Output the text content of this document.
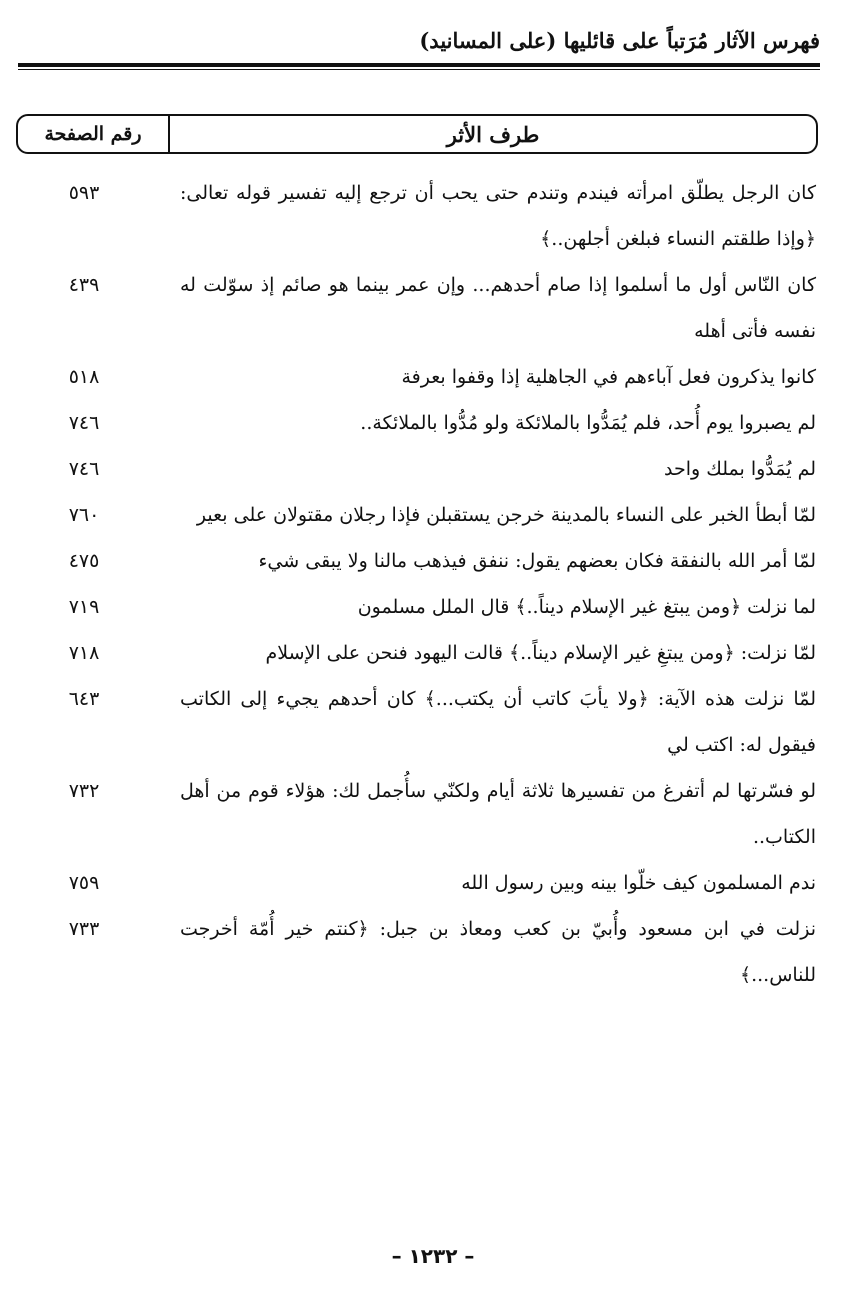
فهرس الآثار مُرَتباً على قائليها (على المسانيد)
طرف الأثر
رقم الصفحة
كان الرجل يطلّق امرأته فيندم وتندم حتى يحب أن ترجع إليه تفسير قوله تعالى: ﴿وإذا طلقتم النساء فبلغن أجلهن..﴾
٥٩٣
كان النّاس أول ما أسلموا إذا صام أحدهم... وإن عمر بينما هو صائم إذ سوّلت له نفسه فأتى أهله
٤٣٩
كانوا يذكرون فعل آباءهم في الجاهلية إذا وقفوا بعرفة
٥١٨
لم يصبروا يوم أُحد، فلم يُمَدُّوا بالملائكة ولو مُدُّوا بالملائكة..
٧٤٦
لم يُمَدُّوا بملك واحد
٧٤٦
لمّا أبطأ الخبر على النساء بالمدينة خرجن يستقبلن فإذا رجلان مقتولان على بعير
٧٦٠
لمّا أمر الله بالنفقة فكان بعضهم يقول: ننفق فيذهب مالنا ولا يبقى شيء
٤٧٥
لما نزلت ﴿ومن يبتغ غير الإسلام ديناً..﴾ قال الملل مسلمون
٧١٩
لمّا نزلت: ﴿ومن يبتغِ غير الإسلام ديناً..﴾ قالت اليهود فنحن على الإسلام
٧١٨
لمّا نزلت هذه الآية: ﴿ولا يأبَ كاتب أن يكتب...﴾ كان أحدهم يجيء إلى الكاتب فيقول له: اكتب لي
٦٤٣
لو فسّرتها لم أتفرغ من تفسيرها ثلاثة أيام ولكنّي سأُجمل لك: هؤلاء قوم من أهل الكتاب..
٧٣٢
ندم المسلمون كيف خلّوا بينه وبين رسول الله
٧٥٩
نزلت في ابن مسعود وأُبيّ بن كعب ومعاذ بن جبل: ﴿كنتم خير أُمّة أخرجت للناس...﴾
٧٣٣
– ١٢٣٢ –
